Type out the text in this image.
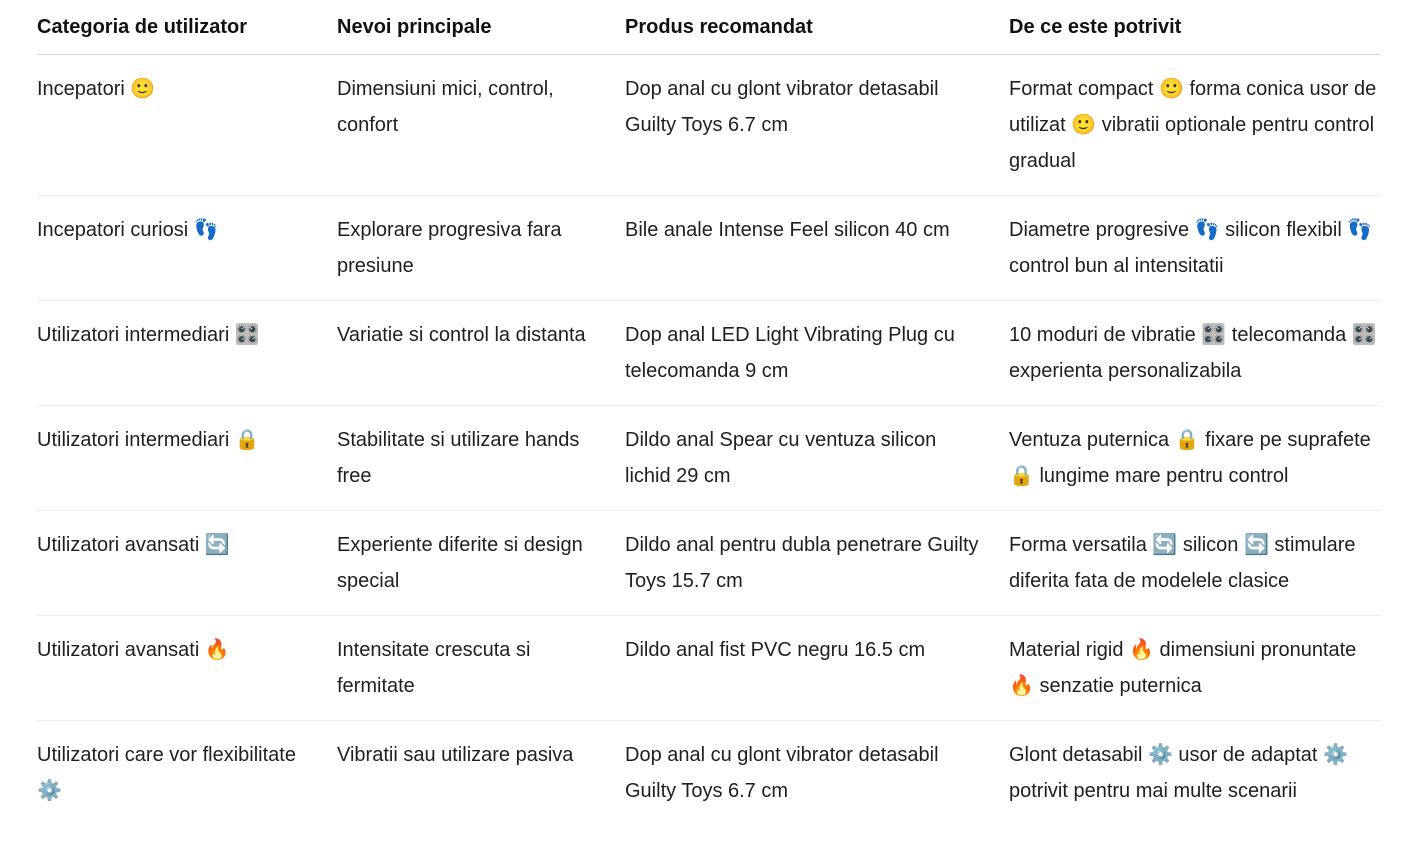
Categoria de utilizator	Nevoi principale	Produs recomandat	De ce este potrivit
Incepatori 🙂	Dimensiuni mici, control, confort	Dop anal cu glont vibrator detasabil Guilty Toys 6.7 cm	Format compact 🙂 forma conica usor de utilizat 🙂 vibratii optionale pentru control gradual
Incepatori curiosi 👣	Explorare progresiva fara presiune	Bile anale Intense Feel silicon 40 cm	Diametre progresive 👣 silicon flexibil 👣 control bun al intensitatii
Utilizatori intermediari 🎛️	Variatie si control la distanta	Dop anal LED Light Vibrating Plug cu telecomanda 9 cm	10 moduri de vibratie 🎛️ telecomanda 🎛️ experienta personalizabila
Utilizatori intermediari 🔒	Stabilitate si utilizare hands free	Dildo anal Spear cu ventuza silicon lichid 29 cm	Ventuza puternica 🔒 fixare pe suprafete 🔒 lungime mare pentru control
Utilizatori avansati 🔄	Experiente diferite si design special	Dildo anal pentru dubla penetrare Guilty Toys 15.7 cm	Forma versatila 🔄 silicon 🔄 stimulare diferita fata de modelele clasice
Utilizatori avansati 🔥	Intensitate crescuta si fermitate	Dildo anal fist PVC negru 16.5 cm	Material rigid 🔥 dimensiuni pronuntate 🔥 senzatie puternica
Utilizatori care vor flexibilitate ⚙️	Vibratii sau utilizare pasiva	Dop anal cu glont vibrator detasabil Guilty Toys 6.7 cm	Glont detasabil ⚙️ usor de adaptat ⚙️ potrivit pentru mai multe scenarii
